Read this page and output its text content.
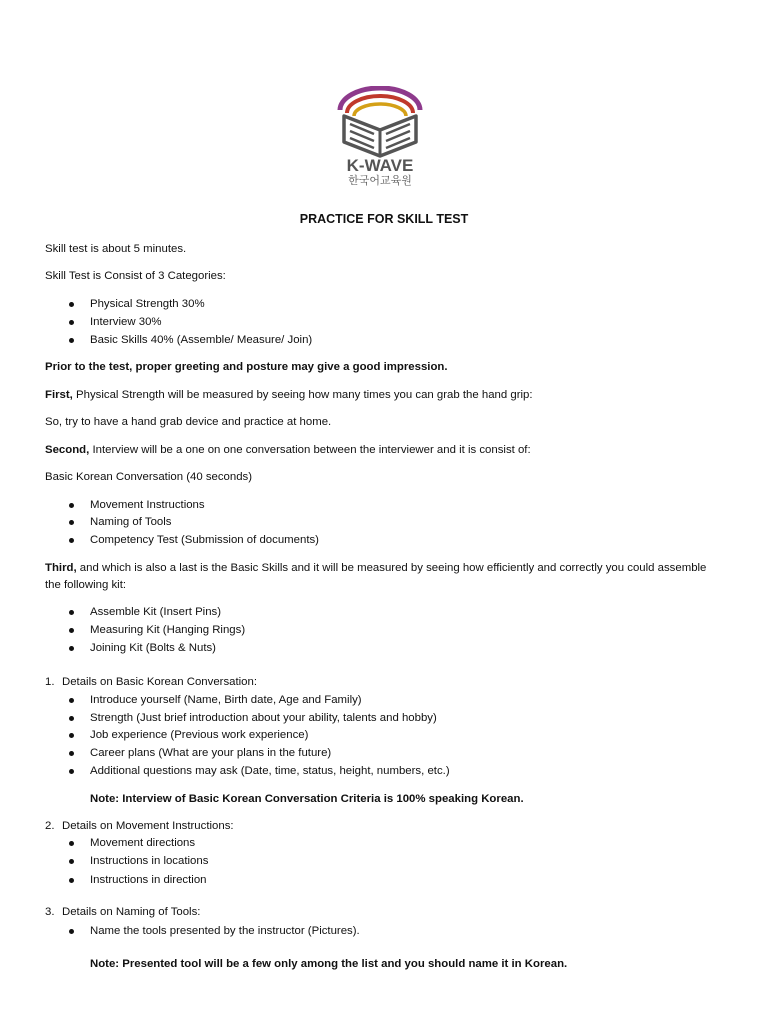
K-WAVE
한국어교육원
PRACTICE FOR SKILL TEST
Skill test is about 5 minutes.
Skill Test is Consist of 3 Categories:
Physical Strength 30%
Interview 30%
Basic Skills 40% (Assemble/ Measure/ Join)
Prior to the test, proper greeting and posture may give a good impression.
First, Physical Strength will be measured by seeing how many times you can grab the hand grip:
So, try to have a hand grab device and practice at home.
Second, Interview will be a one on one conversation between the interviewer and it is consist of:
Basic Korean Conversation (40 seconds)
Movement Instructions
Naming of Tools
Competency Test (Submission of documents)
Third, and which is also a last is the Basic Skills and it will be measured by seeing how efficiently and correctly you could assemble the following kit:
Assemble Kit (Insert Pins)
Measuring Kit (Hanging Rings)
Joining Kit (Bolts & Nuts)
1. Details on Basic Korean Conversation:
Introduce yourself (Name, Birth date, Age and Family)
Strength (Just brief introduction about your ability, talents and hobby)
Job experience (Previous work experience)
Career plans (What are your plans in the future)
Additional questions may ask (Date, time, status, height, numbers, etc.)
Note: Interview of Basic Korean Conversation Criteria is 100% speaking Korean.
2. Details on Movement Instructions:
Movement directions
Instructions in locations
Instructions in direction
3. Details on Naming of Tools:
Name the tools presented by the instructor (Pictures).
Note: Presented tool will be a few only among the list and you should name it in Korean.
